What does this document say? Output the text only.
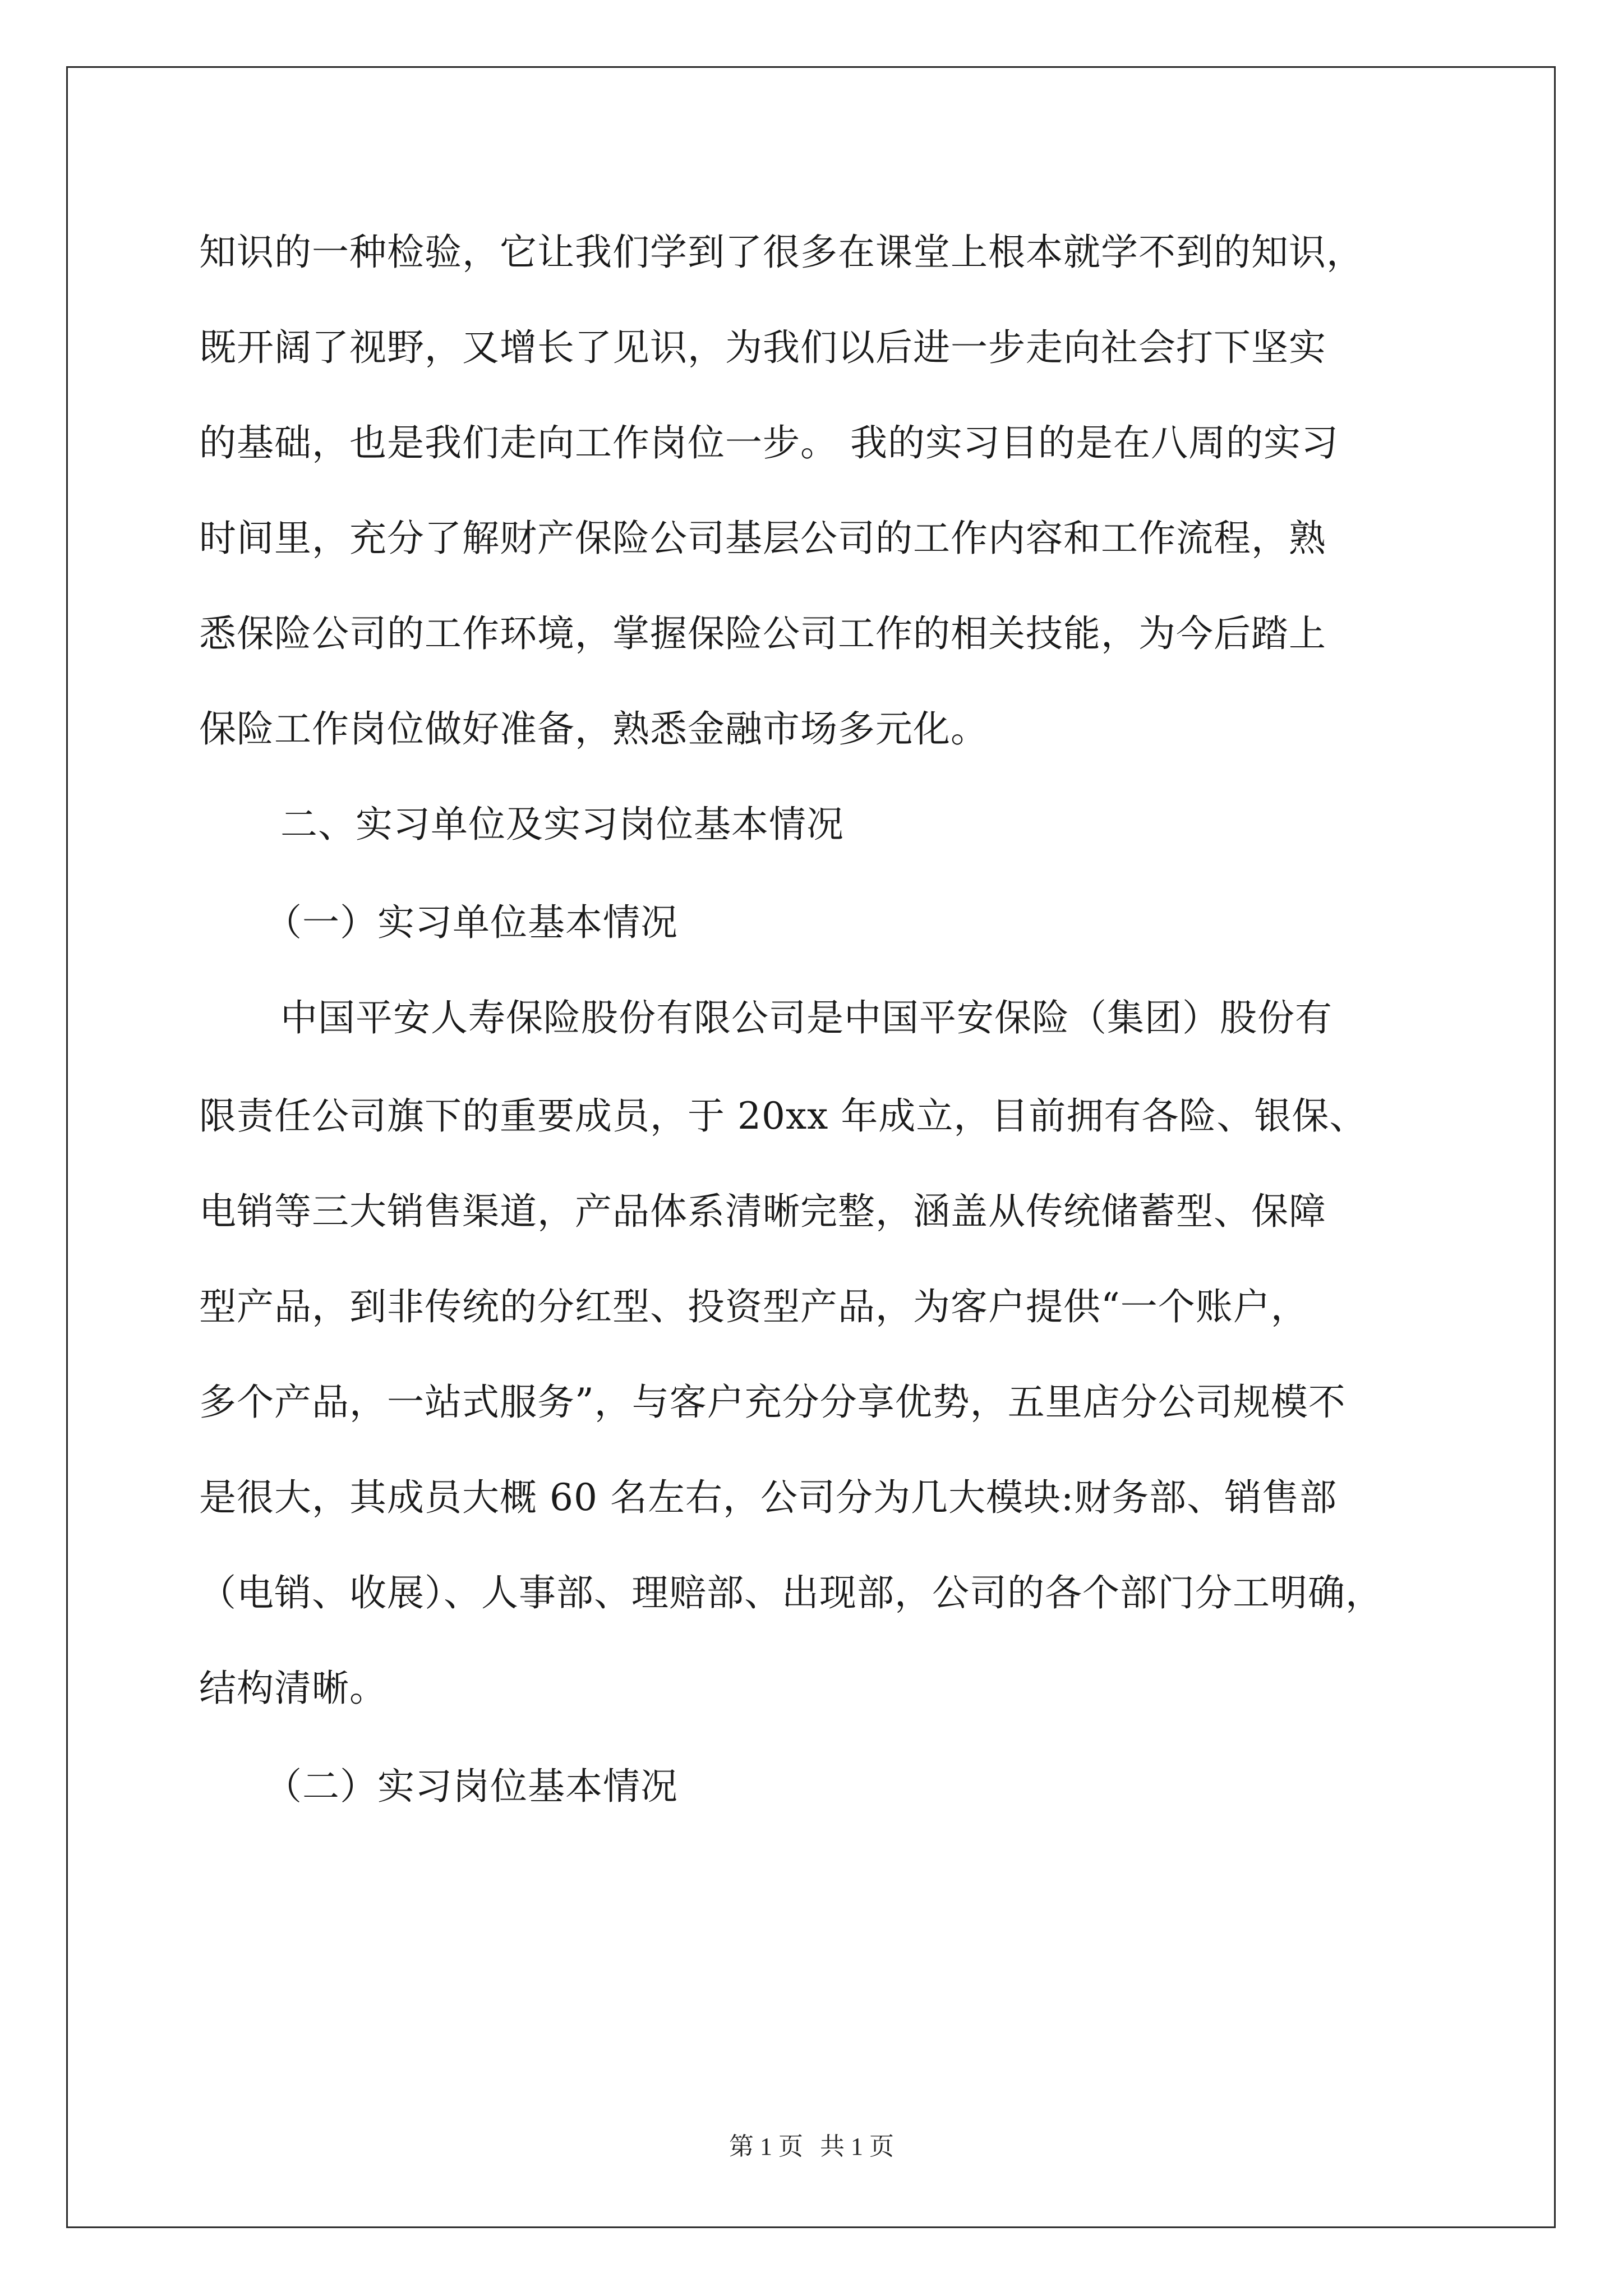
知识的一种检验，它让我们学到了很多在课堂上根本就学不到的知识，
既开阔了视野，又增长了见识，为我们以后进一步走向社会打下坚实
的基础，也是我们走向工作岗位一步。 我的实习目的是在八周的实习
时间里，充分了解财产保险公司基层公司的工作内容和工作流程，熟
悉保险公司的工作环境，掌握保险公司工作的相关技能，为今后踏上
保险工作岗位做好准备，熟悉金融市场多元化。
二、实习单位及实习岗位基本情况
（一）实习单位基本情况
中国平安人寿保险股份有限公司是中国平安保险（集团）股份有
限责任公司旗下的重要成员，于 20xx 年成立，目前拥有各险、银保、
电销等三大销售渠道，产品体系清晰完整，涵盖从传统储蓄型、保障
型产品，到非传统的分红型、投资型产品，为客户提供“一个账户，
多个产品，一站式服务”，与客户充分分享优势，五里店分公司规模不
是很大，其成员大概 60 名左右，公司分为几大模块:财务部、销售部
（电销、收展）、人事部、理赔部、出现部，公司的各个部门分工明确，
结构清晰。
（二）实习岗位基本情况
第 1 页 共 1 页
